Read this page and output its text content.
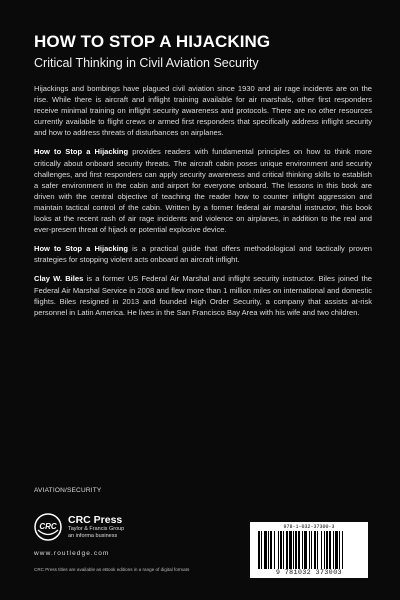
HOW TO STOP A HIJACKING
Critical Thinking in Civil Aviation Security

Hijackings and bombings have plagued civil aviation since 1930 and air rage incidents are on the rise. While there is aircraft and inflight training available for air marshals, other first responders receive minimal training on inflight security awareness and protocols. There are no other resources currently available to flight crews or armed first responders that specifically address inflight security and how to address threats of disturbances on airplanes.

How to Stop a Hijacking provides readers with fundamental principles on how to think more critically about onboard security threats. The aircraft cabin poses unique environment and security challenges, and first responders can apply security awareness and critical thinking skills to establish a safer environment in the cabin and airport for everyone onboard. The lessons in this book are driven with the central objective of teaching the reader how to counter inflight aggression and maintain tactical control of the cabin. Written by a former federal air marshal instructor, this book looks at the recent rash of air rage incidents and violence on airplanes, in addition to the real and ever-present threat of hijack or potential explosive device.

How to Stop a Hijacking is a practical guide that offers methodological and tactically proven strategies for stopping violent acts onboard an aircraft inflight.

Clay W. Biles is a former US Federal Air Marshal and inflight security instructor. Biles joined the Federal Air Marshal Service in 2008 and flew more than 1 million miles on international and domestic flights. Biles resigned in 2013 and founded High Order Security, a company that assists at-risk personnel in Latin America. He lives in the San Francisco Bay Area with his wife and two children.

AVIATION/SECURITY
CRC
CRC Press
Taylor & Francis Group
an informa business
www.routledge.com
CRC Press titles are available as eBook editions in a range of digital formats
978-1-032-37300-3
9 781032 373003
